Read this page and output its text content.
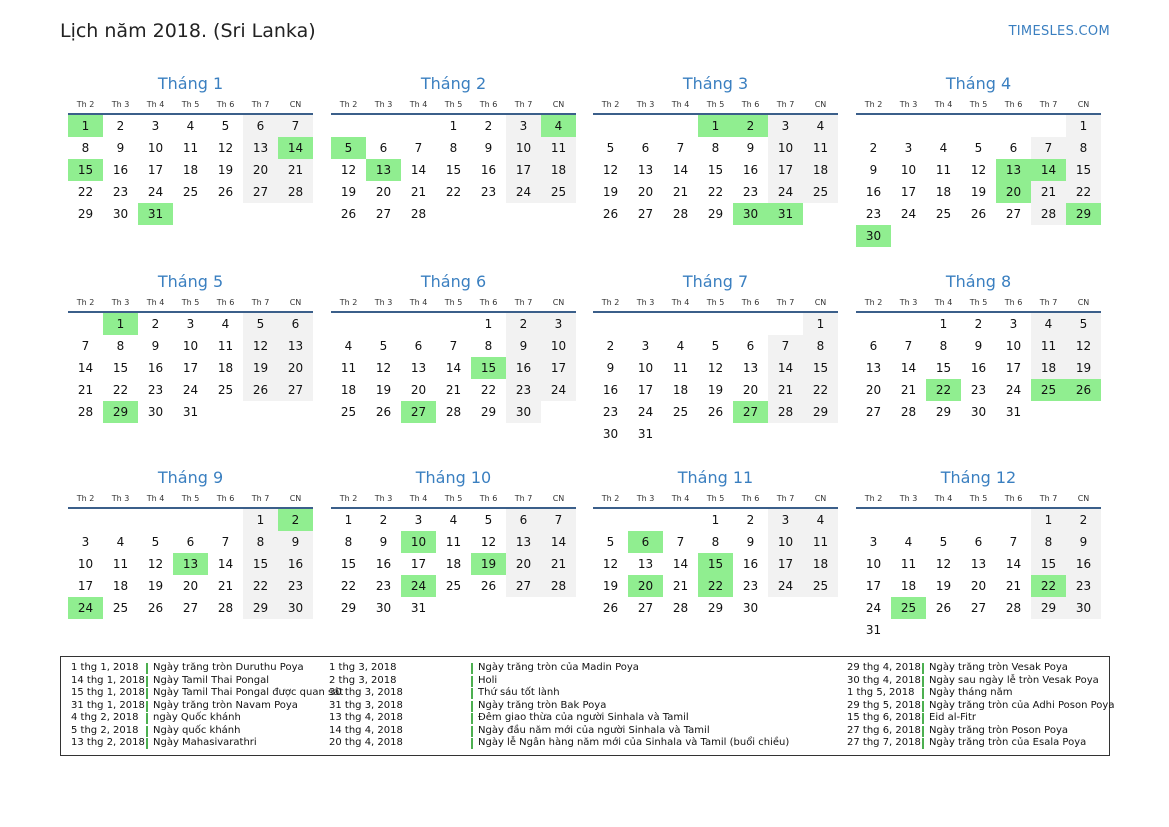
Lịch năm 2018. (Sri Lanka)	TIMESLES.COM
Tháng 1
Th 2	Th 3	Th 4	Th 5	Th 6	Th 7	CN
1	2	3	4	5	6	7
8	9	10	11	12	13	14
15	16	17	18	19	20	21
22	23	24	25	26	27	28
29	30	31				
Tháng 2
Th 2	Th 3	Th 4	Th 5	Th 6	Th 7	CN
			1	2	3	4
5	6	7	8	9	10	11
12	13	14	15	16	17	18
19	20	21	22	23	24	25
26	27	28				
Tháng 3
Th 2	Th 3	Th 4	Th 5	Th 6	Th 7	CN
			1	2	3	4
5	6	7	8	9	10	11
12	13	14	15	16	17	18
19	20	21	22	23	24	25
26	27	28	29	30	31	
Tháng 4
Th 2	Th 3	Th 4	Th 5	Th 6	Th 7	CN
						1
2	3	4	5	6	7	8
9	10	11	12	13	14	15
16	17	18	19	20	21	22
23	24	25	26	27	28	29
30						
Tháng 5
Th 2	Th 3	Th 4	Th 5	Th 6	Th 7	CN
	1	2	3	4	5	6
7	8	9	10	11	12	13
14	15	16	17	18	19	20
21	22	23	24	25	26	27
28	29	30	31			
Tháng 6
Th 2	Th 3	Th 4	Th 5	Th 6	Th 7	CN
				1	2	3
4	5	6	7	8	9	10
11	12	13	14	15	16	17
18	19	20	21	22	23	24
25	26	27	28	29	30	
Tháng 7
Th 2	Th 3	Th 4	Th 5	Th 6	Th 7	CN
						1
2	3	4	5	6	7	8
9	10	11	12	13	14	15
16	17	18	19	20	21	22
23	24	25	26	27	28	29
30	31					
Tháng 8
Th 2	Th 3	Th 4	Th 5	Th 6	Th 7	CN
		1	2	3	4	5
6	7	8	9	10	11	12
13	14	15	16	17	18	19
20	21	22	23	24	25	26
27	28	29	30	31		
Tháng 9
Th 2	Th 3	Th 4	Th 5	Th 6	Th 7	CN
					1	2
3	4	5	6	7	8	9
10	11	12	13	14	15	16
17	18	19	20	21	22	23
24	25	26	27	28	29	30
Tháng 10
Th 2	Th 3	Th 4	Th 5	Th 6	Th 7	CN
1	2	3	4	5	6	7
8	9	10	11	12	13	14
15	16	17	18	19	20	21
22	23	24	25	26	27	28
29	30	31				
Tháng 11
Th 2	Th 3	Th 4	Th 5	Th 6	Th 7	CN
			1	2	3	4
5	6	7	8	9	10	11
12	13	14	15	16	17	18
19	20	21	22	23	24	25
26	27	28	29	30		
Tháng 12
Th 2	Th 3	Th 4	Th 5	Th 6	Th 7	CN
					1	2
3	4	5	6	7	8	9
10	11	12	13	14	15	16
17	18	19	20	21	22	23
24	25	26	27	28	29	30
31						
1 thg 1, 2018 Ngày trăng tròn Duruthu Poya
14 thg 1, 2018 Ngày Tamil Thai Pongal
15 thg 1, 2018 Ngày Tamil Thai Pongal được quan sát
31 thg 1, 2018 Ngày trăng tròn Navam Poya
4 thg 2, 2018 ngày Quốc khánh
5 thg 2, 2018 Ngày quốc khánh
13 thg 2, 2018 Ngày Mahasivarathri
1 thg 3, 2018	Ngày trăng tròn của Madin Poya
2 thg 3, 2018	Holi
30 thg 3, 2018	Thứ sáu tốt lành
31 thg 3, 2018	Ngày trăng tròn Bak Poya
13 thg 4, 2018	Đêm giao thừa của người Sinhala và Tamil
14 thg 4, 2018	Ngày đầu năm mới của người Sinhala và Tamil
20 thg 4, 2018	Ngày lễ Ngân hàng năm mới của Sinhala và Tamil (buổi chiều)
29 thg 4, 2018 Ngày trăng tròn Vesak Poya
30 thg 4, 2018 Ngày sau ngày lễ tròn Vesak Poya
1 thg 5, 2018 Ngày tháng năm
29 thg 5, 2018 Ngày trăng tròn của Adhi Poson Poya
15 thg 6, 2018 Eid al-Fitr
27 thg 6, 2018 Ngày trăng tròn Poson Poya
27 thg 7, 2018 Ngày trăng tròn của Esala Poya
